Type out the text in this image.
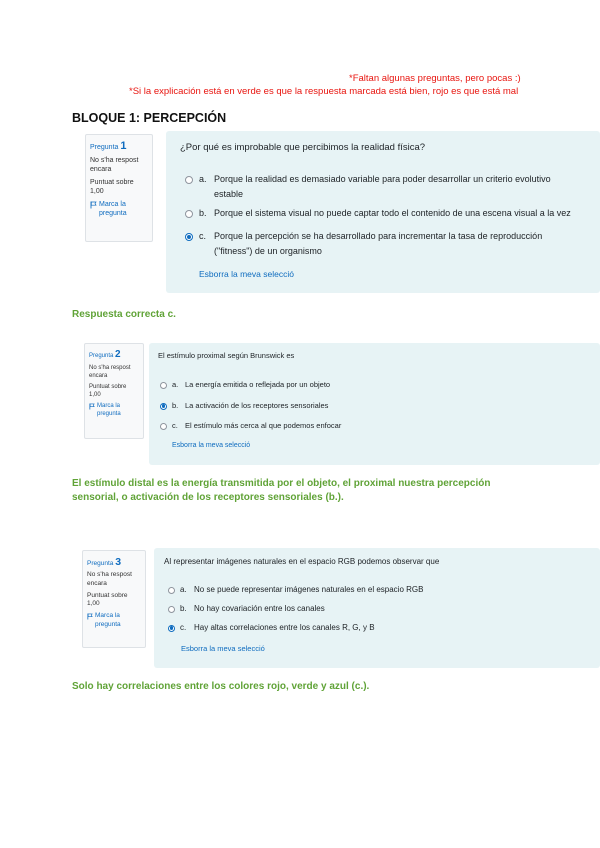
*Faltan algunas preguntas, pero pocas :)
*Si la explicación está en verde es que la respuesta marcada está bien, rojo es que está mal
BLOQUE 1: PERCEPCIÓN
Pregunta 1
No s'ha respost encara
Puntuat sobre 1,00
Marca la pregunta
¿Por qué es improbable que percibimos la realidad física?
a. Porque la realidad es demasiado variable para poder desarrollar un criterio evolutivo estable
b. Porque el sistema visual no puede captar todo el contenido de una escena visual a la vez
c. Porque la percepción se ha desarrollado para incrementar la tasa de reproducción ("fitness") de un organismo
Esborra la meva selecció
Respuesta correcta c.
Pregunta 2
No s'ha respost encara
Puntuat sobre 1,00
Marca la pregunta
El estímulo proximal según Brunswick es
a. La energía emitida o reflejada por un objeto
b. La activación de los receptores sensoriales
c. El estímulo más cerca al que podemos enfocar
Esborra la meva selecció
El estímulo distal es la energía transmitida por el objeto, el proximal nuestra percepción sensorial, o activación de los receptores sensoriales (b.).
Pregunta 3
No s'ha respost encara
Puntuat sobre 1,00
Marca la pregunta
Al representar imágenes naturales en el espacio RGB podemos observar que
a. No se puede representar imágenes naturales en el espacio RGB
b. No hay covariación entre los canales
c. Hay altas correlaciones entre los canales R, G, y B
Esborra la meva selecció
Solo hay correlaciones entre los colores rojo, verde y azul (c.).
